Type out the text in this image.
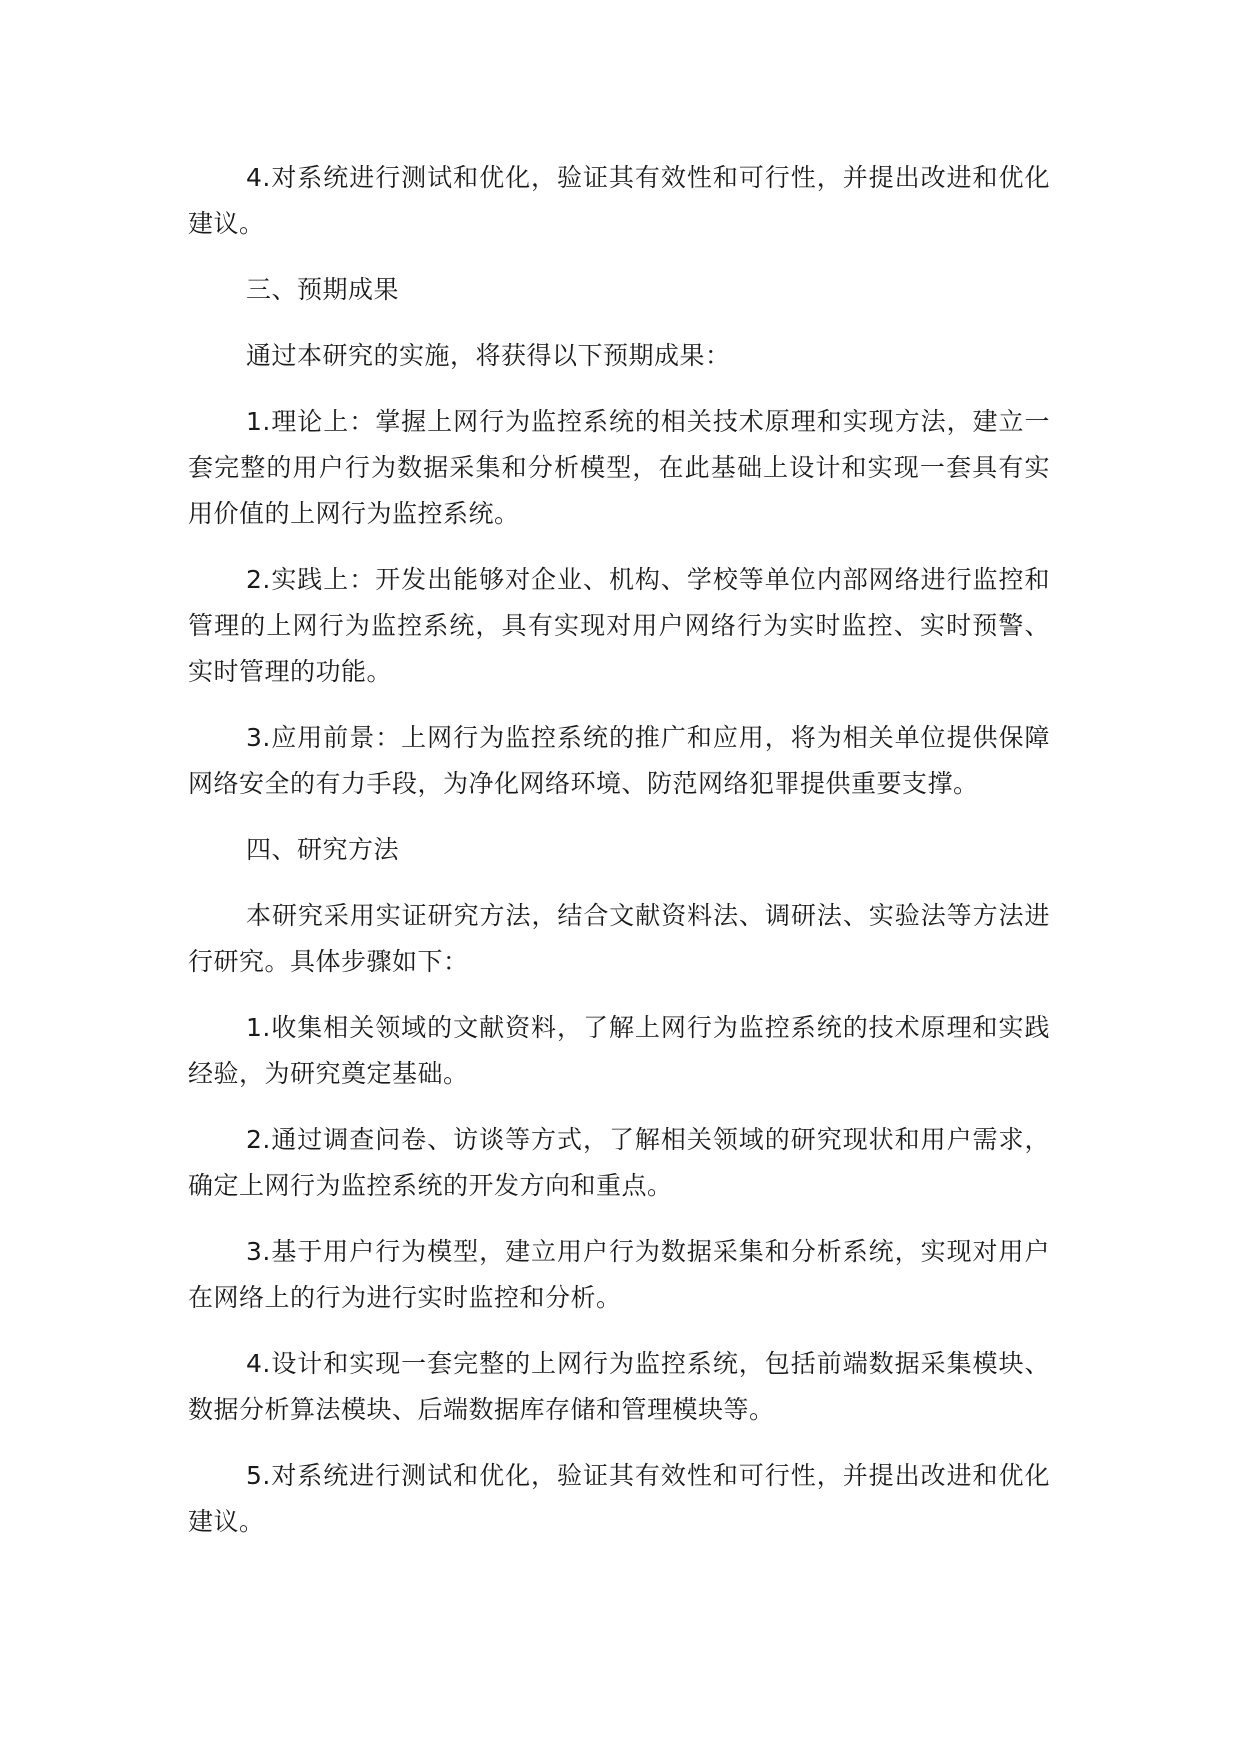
4.对系统进行测试和优化，验证其有效性和可行性，并提出改进和优化建议。

三、预期成果

通过本研究的实施，将获得以下预期成果：

1.理论上：掌握上网行为监控系统的相关技术原理和实现方法，建立一套完整的用户行为数据采集和分析模型，在此基础上设计和实现一套具有实用价值的上网行为监控系统。

2.实践上：开发出能够对企业、机构、学校等单位内部网络进行监控和管理的上网行为监控系统，具有实现对用户网络行为实时监控、实时预警、实时管理的功能。

3.应用前景：上网行为监控系统的推广和应用，将为相关单位提供保障网络安全的有力手段，为净化网络环境、防范网络犯罪提供重要支撑。

四、研究方法

本研究采用实证研究方法，结合文献资料法、调研法、实验法等方法进行研究。具体步骤如下：

1.收集相关领域的文献资料，了解上网行为监控系统的技术原理和实践经验，为研究奠定基础。

2.通过调查问卷、访谈等方式，了解相关领域的研究现状和用户需求，确定上网行为监控系统的开发方向和重点。

3.基于用户行为模型，建立用户行为数据采集和分析系统，实现对用户在网络上的行为进行实时监控和分析。

4.设计和实现一套完整的上网行为监控系统，包括前端数据采集模块、数据分析算法模块、后端数据库存储和管理模块等。

5.对系统进行测试和优化，验证其有效性和可行性，并提出改进和优化建议。
